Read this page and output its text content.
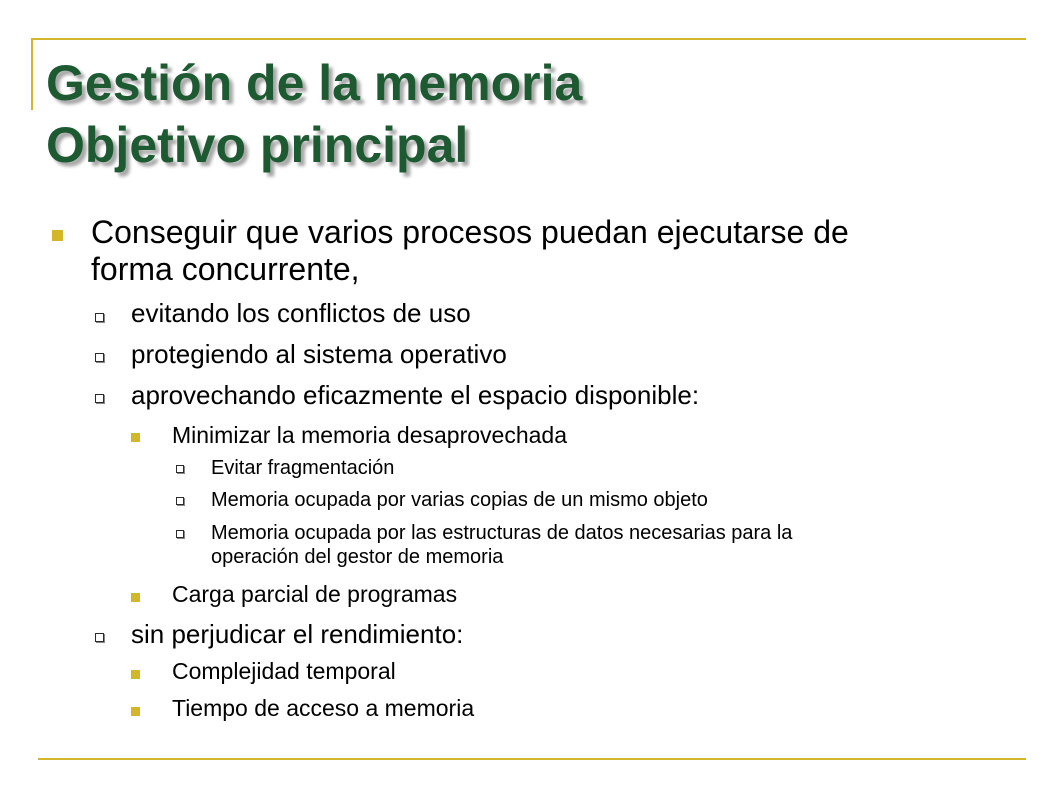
Gestión de la memoria
Objetivo principal
Conseguir que varios procesos puedan ejecutarse de
forma concurrente,
evitando los conflictos de uso
protegiendo al sistema operativo
aprovechando eficazmente el espacio disponible:
Minimizar la memoria desaprovechada
Evitar fragmentación
Memoria ocupada por varias copias de un mismo objeto
Memoria ocupada por las estructuras de datos necesarias para la
operación del gestor de memoria
Carga parcial de programas
sin perjudicar el rendimiento:
Complejidad temporal
Tiempo de acceso a memoria
